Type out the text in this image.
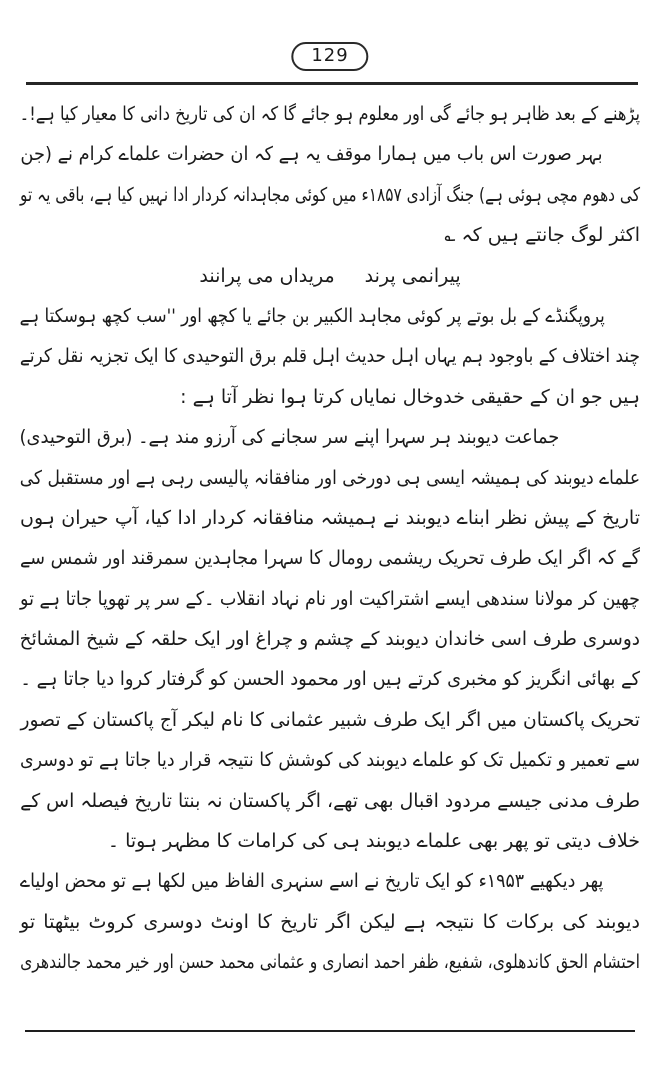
129
پڑھنے کے بعد ظاہر ہو جائے گی اور معلوم ہو جائے گا کہ ان کی تاریخ دانی کا معیار کیا ہے!۔
بہر صورت اس باب میں ہمارا موقف یہ ہے کہ ان حضرات علماے کرام نے (جن
کی دھوم مچی ہوئی ہے) جنگ آزادی ۱۸۵۷ء میں کوئی مجاہدانہ کردار ادا نہیں کیا ہے، باقی یہ تو
اکثر لوگ جانتے ہیں کہ ؎
پیرانمی پرند
مریداں می پرانند
پروپگنڈے کے بل بوتے پر کوئی مجاہد الکبیر بن جائے یا کچھ اور ''سب کچھ ہوسکتا ہے
چند اختلاف کے باوجود ہم یہاں اہل حدیث اہل قلم برق التوحیدی کا ایک تجزیہ نقل کرتے
ہیں جو ان کے حقیقی خدوخال نمایاں کرتا ہوا نظر آتا ہے :
جماعت دیوبند ہر سہرا اپنے سر سجانے کی آرزو مند ہے۔ (برق التوحیدی)
علماے دیوبند کی ہمیشہ ایسی ہی دورخی اور منافقانہ پالیسی رہی ہے اور مستقبل کی
تاریخ کے پیش نظر ابناے دیوبند نے ہمیشہ منافقانہ کردار ادا کیا، آپ حیران ہوں
گے کہ اگر ایک طرف تحریک ریشمی رومال کا سہرا مجاہدین سمرقند اور شمس سے
چھین کر مولانا سندھی ایسے اشتراکیت اور نام نہاد انقلاب ۔کے سر پر تھوپا جاتا ہے تو
دوسری طرف اسی خاندان دیوبند کے چشم و چراغ اور ایک حلقہ کے شیخ المشائخ
کے بھائی انگریز کو مخبری کرتے ہیں اور محمود الحسن کو گرفتار کروا دیا جاتا ہے ۔
تحریک پاکستان میں اگر ایک طرف شبیر عثمانی کا نام لیکر آج پاکستان کے تصور
سے تعمیر و تکمیل تک کو علماے دیوبند کی کوشش کا نتیجہ قرار دیا جاتا ہے تو دوسری
طرف مدنی جیسے مردود اقبال بھی تھے، اگر پاکستان نہ بنتا تاریخ فیصلہ اس کے
خلاف دیتی تو پھر بھی علماے دیوبند ہی کی کرامات کا مظہر ہوتا ۔
پھر دیکھیے ۱۹۵۳ء کو ایک تاریخ نے اسے سنہری الفاظ میں لکھا ہے تو محض اولیاے
دیوبند کی برکات کا نتیجہ ہے لیکن اگر تاریخ کا اونٹ دوسری کروٹ بیٹھتا تو
احتشام الحق کاندھلوی، شفیع، ظفر احمد انصاری و عثمانی محمد حسن اور خیر محمد جالندھری
